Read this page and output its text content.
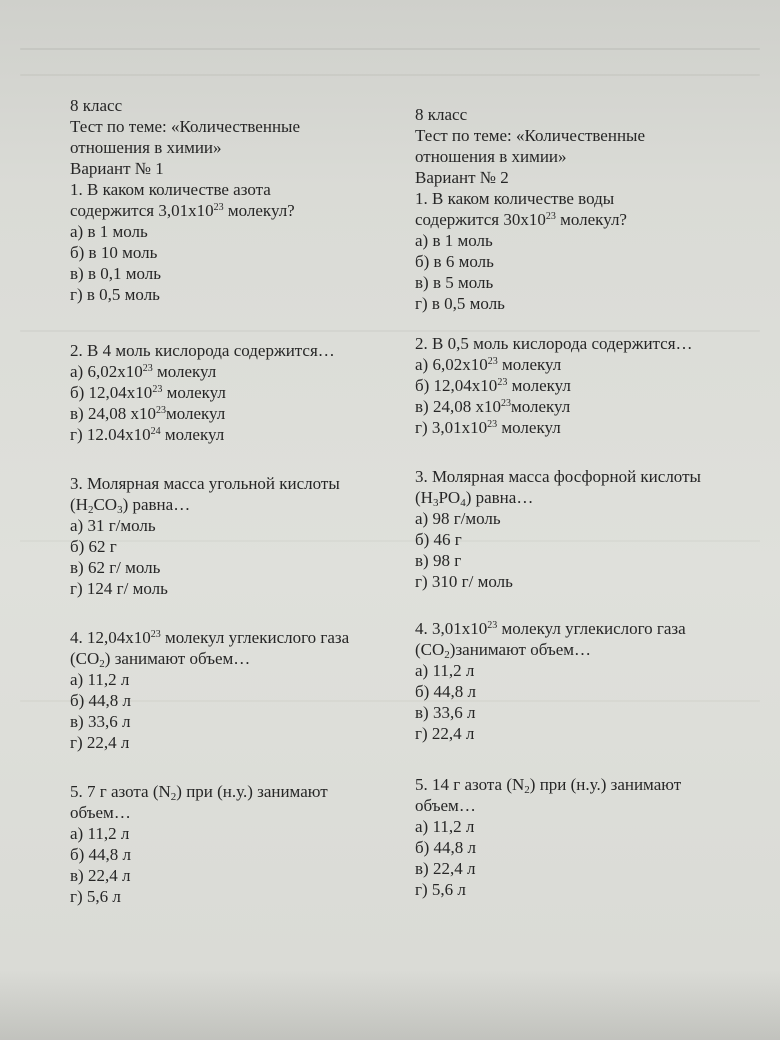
8 класс
Тест по теме: «Количественные
отношения в химии»
Вариант № 1
1. В каком количестве азота
содержится $3,01x10^{23}$ молекул?
а) в 1 моль
б) в 10 моль
в) в 0,1 моль
г) в 0,5 моль
2. В 4 моль кислорода содержится…
а) $6,02x10^{23}$ молекул
б) $12,04x10^{23}$ молекул
в) 24,08 $x10^{23}молекул$
г) $12.04x10^{24}$ молекул
3. Молярная масса угольной кислоты
$(H_2CO_3)$ равна…
а) 31 г/моль
б) 62 г
в) 62 г/ моль
г) 124 г/ моль
4. $12,04x10^{23}$ молекул углекислого газа
$(CO_2)$ занимают объем…
а) 11,2 л
б) 44,8 л
в) 33,6 л
г) 22,4 л
5. 7 г азота $(N_2)$ при (н.у.) занимают
объем…
а) 11,2 л
б) 44,8 л
в) 22,4 л
г) 5,6 л
8 класс
Тест по теме: «Количественные
отношения в химии»
Вариант № 2
1. В каком количестве воды
содержится $30x10^{23}$ молекул?
а) в 1 моль
б) в 6 моль
в) в 5 моль
г) в 0,5 моль
2. В 0,5 моль кислорода содержится…
а) $6,02x10^{23}$ молекул
б) $12,04x10^{23}$ молекул
в) 24,08 $x10^{23}молекул$
г) $3,01x10^{23}$ молекул
3. Молярная масса фосфорной кислоты
$(H_3PO_4)$ равна…
а) 98 г/моль
б) 46 г
в) 98 г
г) 310 г/ моль
4. $3,01x10^{23}$ молекул углекислого газа
$(CO_2)занимают$ объем…
а) 11,2 л
б) 44,8 л
в) 33,6 л
г) 22,4 л
5. 14 г азота $(N_2)$ при (н.у.) занимают
объем…
а) 11,2 л
б) 44,8 л
в) 22,4 л
г) 5,6 л
